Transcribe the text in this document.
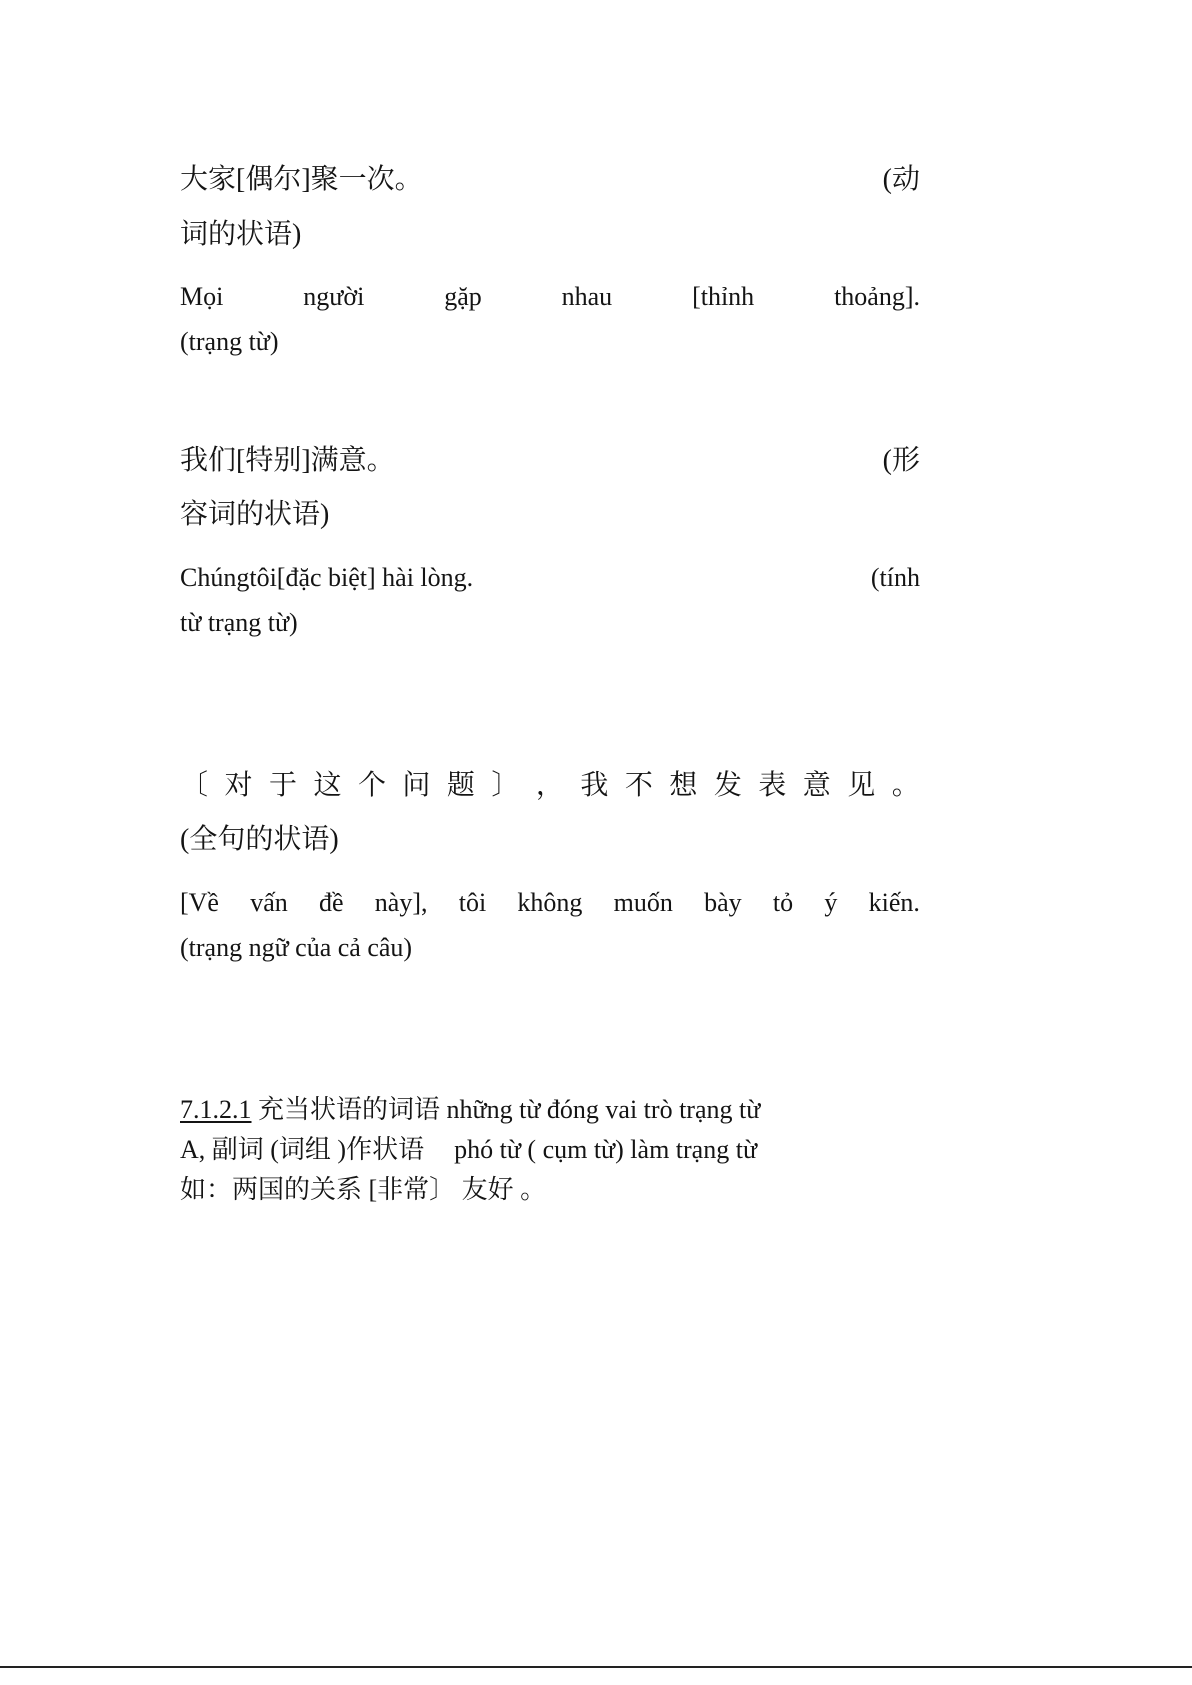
大家[偶尔]聚一次。	(动
词的状语)
Mọi	người	gặp	nhau	[thỉnh	thoảng].
(trạng từ)
我们[特别]满意。	(形
容词的状语)
Chúngtôi[đặc biệt] hài lòng.	(tính
từ trạng từ)
〔 对 于 这 个 问 题 〕 ， 我 不 想 发 表 意 见 。
(全句的状语)
[Về vấn đề này], tôi không muốn bày tỏ ý kiến.
(trạng ngữ của cả câu)
7.1.2.1 充当状语的词语 những từ đóng vai trò trạng từ
A, 副词 (词组 )作状语 phó từ ( cụm từ) làm trạng từ
如：两国的关系 [非常〕 友好 。
